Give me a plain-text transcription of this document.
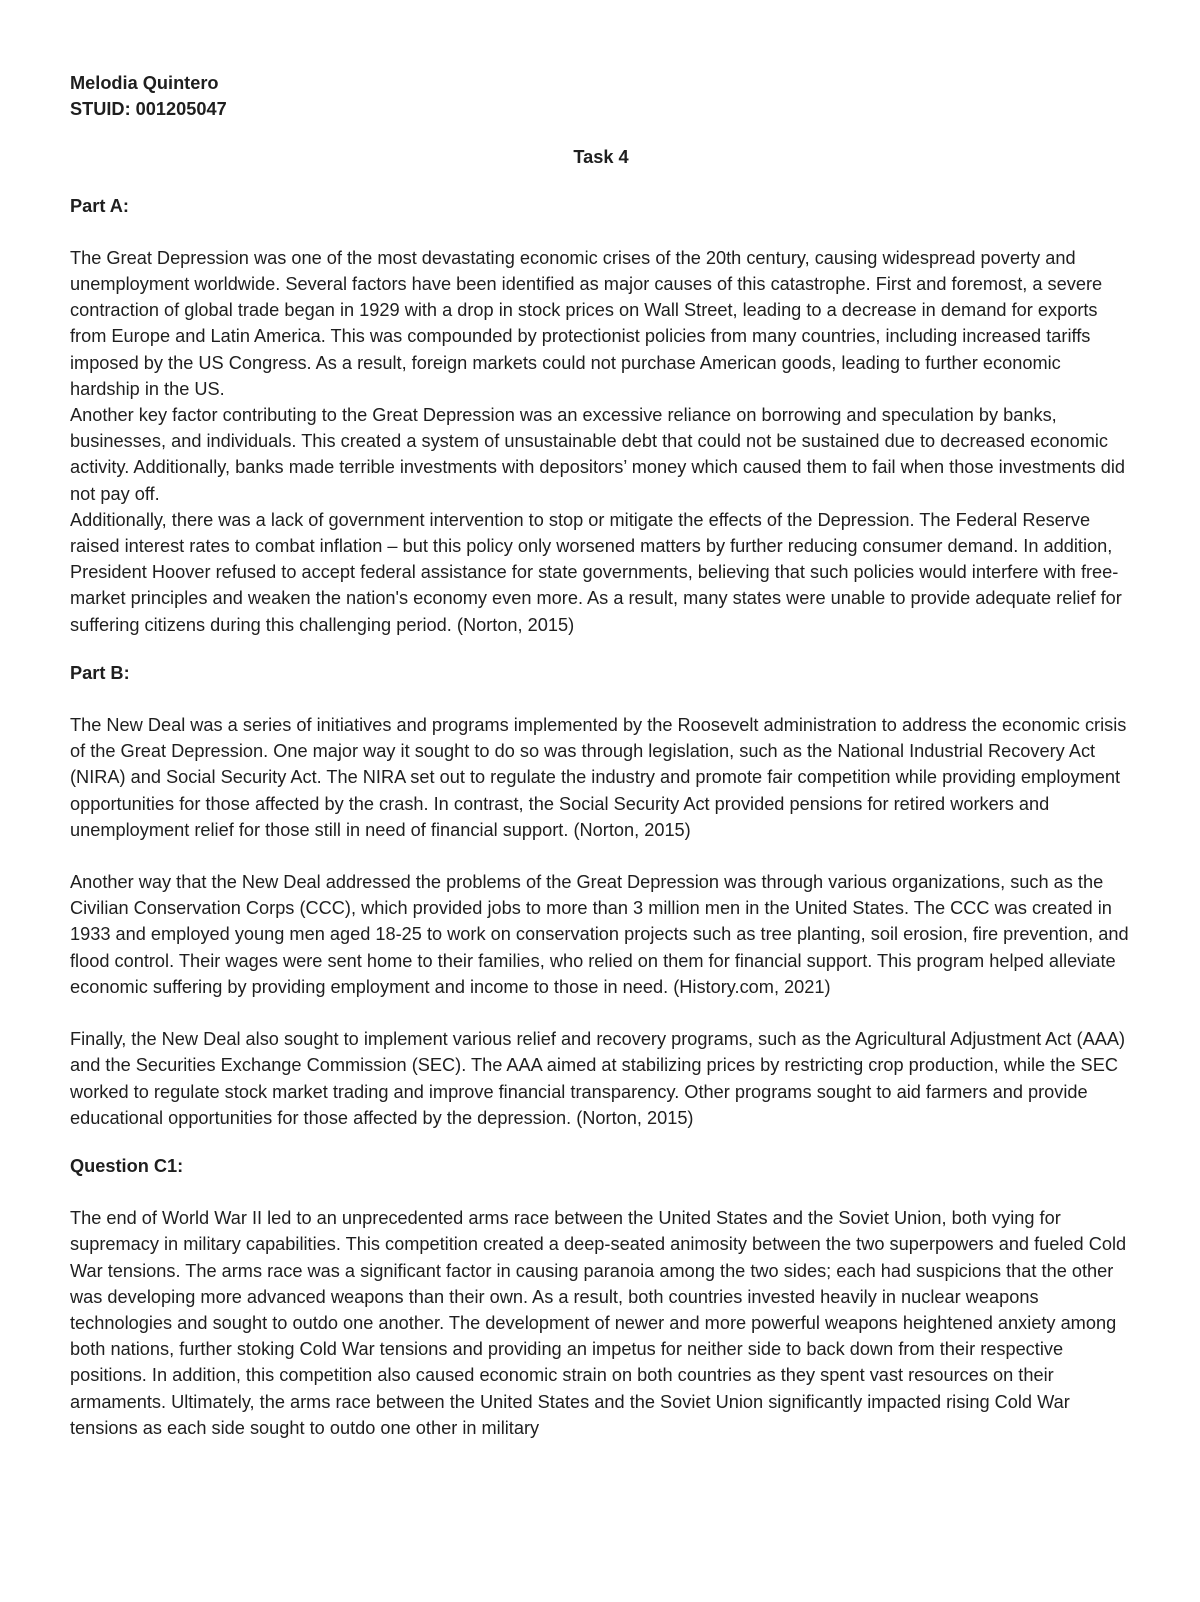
Melodia Quintero

STUID: 001205047

Task 4

Part A:

The Great Depression was one of the most devastating economic crises of the 20th century, causing widespread poverty and unemployment worldwide. Several factors have been identified as major causes of this catastrophe. First and foremost, a severe contraction of global trade began in 1929 with a drop in stock prices on Wall Street, leading to a decrease in demand for exports from Europe and Latin America. This was compounded by protectionist policies from many countries, including increased tariffs imposed by the US Congress. As a result, foreign markets could not purchase American goods, leading to further economic hardship in the US.

Another key factor contributing to the Great Depression was an excessive reliance on borrowing and speculation by banks, businesses, and individuals. This created a system of unsustainable debt that could not be sustained due to decreased economic activity. Additionally, banks made terrible investments with depositors’ money which caused them to fail when those investments did not pay off.

Additionally, there was a lack of government intervention to stop or mitigate the effects of the Depression. The Federal Reserve raised interest rates to combat inflation – but this policy only worsened matters by further reducing consumer demand. In addition, President Hoover refused to accept federal assistance for state governments, believing that such policies would interfere with free-market principles and weaken the nation's economy even more. As a result, many states were unable to provide adequate relief for suffering citizens during this challenging period. (Norton, 2015)

Part B:

The New Deal was a series of initiatives and programs implemented by the Roosevelt administration to address the economic crisis of the Great Depression. One major way it sought to do so was through legislation, such as the National Industrial Recovery Act (NIRA) and Social Security Act. The NIRA set out to regulate the industry and promote fair competition while providing employment opportunities for those affected by the crash. In contrast, the Social Security Act provided pensions for retired workers and unemployment relief for those still in need of financial support. (Norton, 2015)

Another way that the New Deal addressed the problems of the Great Depression was through various organizations, such as the Civilian Conservation Corps (CCC), which provided jobs to more than 3 million men in the United States. The CCC was created in 1933 and employed young men aged 18-25 to work on conservation projects such as tree planting, soil erosion, fire prevention, and flood control. Their wages were sent home to their families, who relied on them for financial support. This program helped alleviate economic suffering by providing employment and income to those in need. (History.com, 2021)

Finally, the New Deal also sought to implement various relief and recovery programs, such as the Agricultural Adjustment Act (AAA) and the Securities Exchange Commission (SEC). The AAA aimed at stabilizing prices by restricting crop production, while the SEC worked to regulate stock market trading and improve financial transparency. Other programs sought to aid farmers and provide educational opportunities for those affected by the depression. (Norton, 2015)

Question C1:

The end of World War II led to an unprecedented arms race between the United States and the Soviet Union, both vying for supremacy in military capabilities. This competition created a deep-seated animosity between the two superpowers and fueled Cold War tensions. The arms race was a significant factor in causing paranoia among the two sides; each had suspicions that the other was developing more advanced weapons than their own. As a result, both countries invested heavily in nuclear weapons technologies and sought to outdo one another. The development of newer and more powerful weapons heightened anxiety among both nations, further stoking Cold War tensions and providing an impetus for neither side to back down from their respective positions. In addition, this competition also caused economic strain on both countries as they spent vast resources on their armaments. Ultimately, the arms race between the United States and the Soviet Union significantly impacted rising Cold War tensions as each side sought to outdo one other in military
